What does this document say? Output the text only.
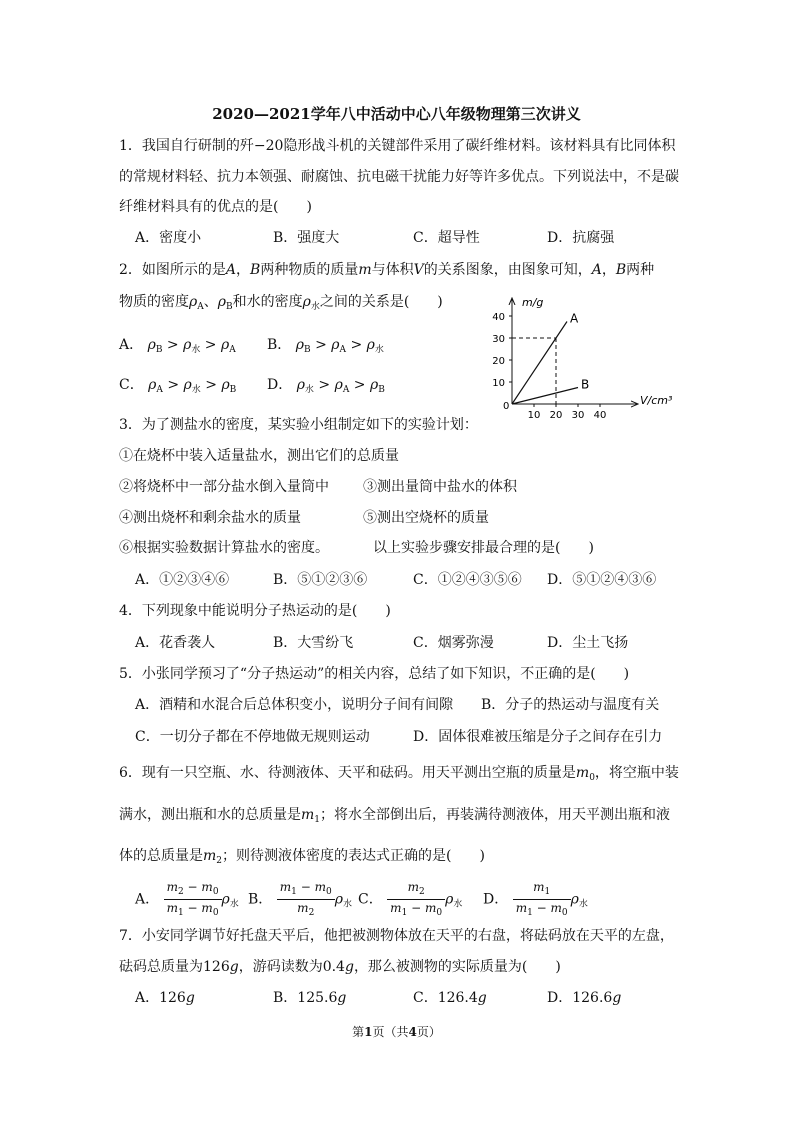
2020—2021学年八中活动中心八年级物理第三次讲义
1．我国自行研制的歼−20隐形战斗机的关键部件采用了碳纤维材料。该材料具有比同体积
的常规材料轻、抗力本领强、耐腐蚀、抗电磁干扰能力好等许多优点。下列说法中，不是碳
纤维材料具有的优点的是(　　)
A．密度小	B．强度大	C．超导性	D．抗腐强
2．如图所示的是A，B两种物质的质量m与体积V的关系图象，由图象可知，A，B两种
物质的密度$\rho_A$、$\rho_B$和水的密度$\rho_水$之间的关系是(　　)
A． $\rho_B > \rho_水 > \rho_A$ B． $\rho_B > \rho_A > \rho_水$
C． $\rho_A > \rho_水 > \rho_B$ D． $\rho_水 > \rho_A > \rho_B$
10 20 30 40
10
20
30
40	A
B
0
m/g
V/cm³
3．为了测盐水的密度，某实验小组制定如下的实验计划：
①在烧杯中装入适量盐水，测出它们的总质量
②将烧杯中一部分盐水倒入量筒中 ③测出量筒中盐水的体积
④测出烧杯和剩余盐水的质量	⑤测出空烧杯的质量
⑥根据实验数据计算盐水的密度。	以上实验步骤安排最合理的是(　　)
A．①②③④⑥	B．⑤①②③⑥	C．①②④③⑤⑥ D．⑤①②④③⑥
4．下列现象中能说明分子热运动的是(　　)
A．花香袭人	B．大雪纷飞	C．烟雾弥漫	D．尘土飞扬
5．小张同学预习了“分子热运动”的相关内容，总结了如下知识，不正确的是(　　)
A．酒精和水混合后总体积变小，说明分子间有间隙 B．分子的热运动与温度有关
C．一切分子都在不停地做无规则运动	D．固体很难被压缩是分子之间存在引力
6．现有一只空瓶、水、待测液体、天平和砝码。用天平测出空瓶的质量是$m_0$，将空瓶中装
满水，测出瓶和水的总质量是$m_1$；将水全部倒出后，再装满待测液体，用天平测出瓶和液
体的总质量是$m_2$；则待测液体密度的表达式正确的是(　　)
A． $\frac{m_2 - m_0}{m_1 - m_0} \rho_水$ B． $\frac{m_1 - m_0}{m_2} \rho_水$ C． $\frac{m_2}{m_1 - m_0} \rho_水$ D． $\frac{m_1}{m_1 - m_0} \rho_水$
7．小安同学调节好托盘天平后，他把被测物体放在天平的右盘，将砝码放在天平的左盘，
砝码总质量为126g，游码读数为0.4g，那么被测物的实际质量为(　　)
A．126g	B．125.6g	C．126.4g	D．126.6g
第1页（共4页）
